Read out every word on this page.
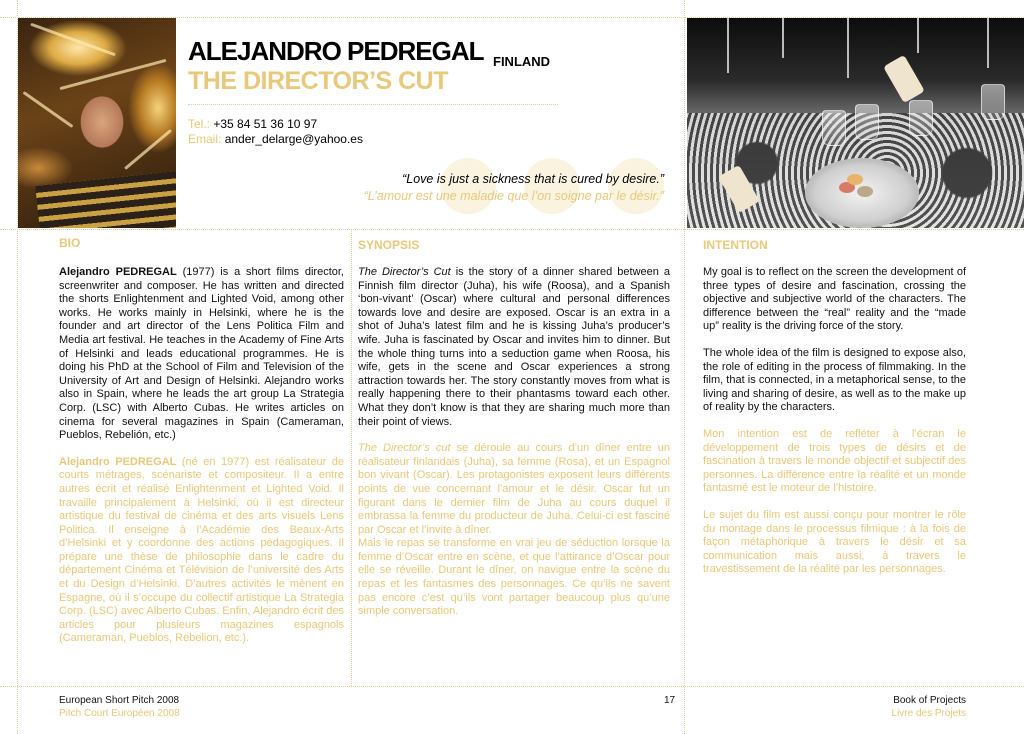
ALEJANDRO PEDREGAL FINLAND
THE DIRECTOR’S CUT
Tel.: +35 84 51 36 10 97
Email: ander_delarge@yahoo.es
“Love is just a sickness that is cured by desire.”
“L’amour est une maladie que l’on soigne par le désir.”
BIO

Alejandro PEDREGAL (1977) is a short films director, screenwriter and composer. He has written and directed the shorts Enlightenment and Lighted Void, among other works. He works mainly in Helsinki, where he is the founder and art director of the Lens Politica Film and Media art festival. He teaches in the Academy of Fine Arts of Helsinki and leads educational programmes. He is doing his PhD at the School of Film and Television of the University of Art and Design of Helsinki. Alejandro works also in Spain, where he leads the art group La Strategia Corp. (LSC) with Alberto Cubas. He writes articles on cinema for several magazines in Spain (Cameraman, Pueblos, Rebelión, etc.)

Alejandro PEDREGAL (né en 1977) est réalisateur de courts métrages, scénariste et compositeur. Il a entre autres écrit et réalisé Enlightenment et Lighted Void. Il travaille principalement à Helsinki, où il est directeur artistique du festival de cinéma et des arts visuels Lens Politica. Il enseigne à l’Académie des Beaux-Arts d’Helsinki et y coordonne des actions pédagogiques. Il prépare une thèse de philosophie dans le cadre du département Cinéma et Télévision de l’université des Arts et du Design d’Helsinki. D’autres activités le mènent en Espagne, où il s’occupe du collectif artistique La Strategia Corp. (LSC) avec Alberto Cubas. Enfin, Alejandro écrit des articles pour plusieurs magazines espagnols (Cameraman, Pueblos, Rebelion, etc.).

SYNOPSIS

The Director’s Cut is the story of a dinner shared between a Finnish film director (Juha), his wife (Roosa), and a Spanish ‘bon-vivant’ (Oscar) where cultural and personal differences towards love and desire are exposed. Oscar is an extra in a shot of Juha’s latest film and he is kissing Juha’s producer’s wife. Juha is fascinated by Oscar and invites him to dinner. But the whole thing turns into a seduction game when Roosa, his wife, gets in the scene and Oscar experiences a strong attraction towards her. The story constantly moves from what is really happening there to their phantasms toward each other. What they don’t know is that they are sharing much more than their point of views.

The Director’s cut se déroule au cours d’un dîner entre un réalisateur finlandais (Juha), sa femme (Rosa), et un Espagnol bon vivant (Oscar). Les protagonistes exposent leurs différents points de vue concernant l’amour et le désir. Oscar fut un figurant dans le dernier film de Juha au cours duquel il embrassa la femme du producteur de Juha. Celui-ci est fasciné par Oscar et l’invite à dîner.

Mais le repas se transforme en vrai jeu de séduction lorsque la femme d’Oscar entre en scène, et que l’attirance d’Oscar pour elle se réveille. Durant le dîner, on navigue entre la scène du repas et les fantasmes des personnages. Ce qu’ils ne savent pas encore c’est qu’ils vont partager beaucoup plus qu’une simple conversation.

INTENTION

My goal is to reflect on the screen the development of three types of desire and fascination, crossing the objective and subjective world of the characters. The difference between the “real” reality and the “made up” reality is the driving force of the story.

The whole idea of the film is designed to expose also, the role of editing in the process of filmmaking. In the film, that is connected, in a metaphorical sense, to the living and sharing of desire, as well as to the make up of reality by the characters.

Mon intention est de refléter à l’écran le développement de trois types de désirs et de fascination à travers le monde objectif et subjectif des personnes. La différence entre la réalité et un monde fantasmé est le moteur de l’histoire.

Le sujet du film est aussi conçu pour montrer le rôle du montage dans le processus filmique : à la fois de façon métaphorique à travers le désir et sa communication mais aussi, à travers le travestissement de la réalité par les personnages.

European Short Pitch 2008
Pitch Court Européen 2008
17	Book of Projects
Livre des Projets
